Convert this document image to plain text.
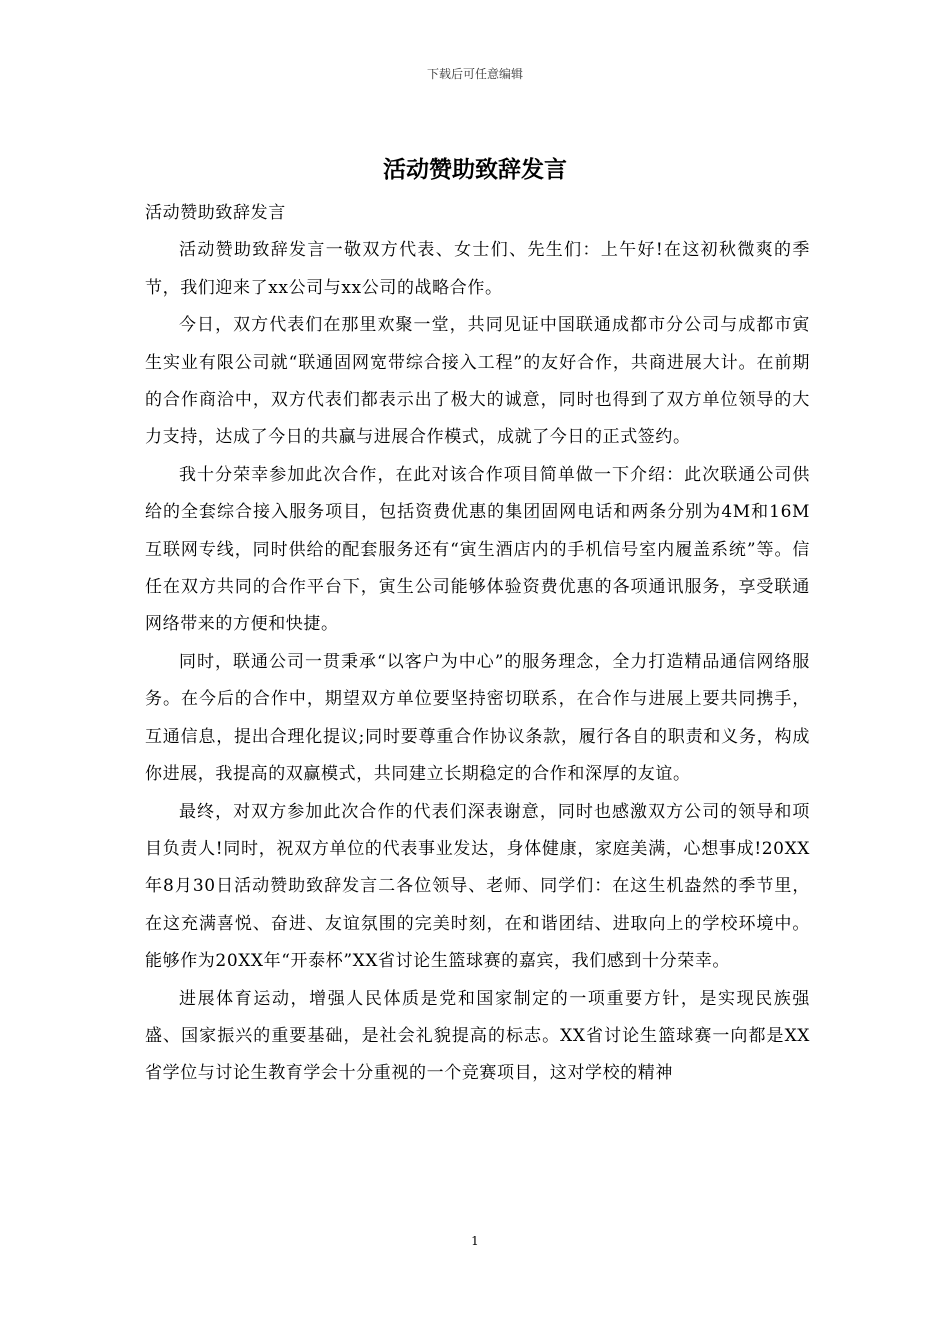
下载后可任意编辑
活动赞助致辞发言

活动赞助致辞发言

活动赞助致辞发言一敬双方代表、女士们、先生们：上午好!在这初秋微爽的季节，我们迎来了xx公司与xx公司的战略合作。

今日，双方代表们在那里欢聚一堂，共同见证中国联通成都市分公司与成都市寅生实业有限公司就“联通固网宽带综合接入工程”的友好合作，共商进展大计。在前期的合作商洽中，双方代表们都表示出了极大的诚意，同时也得到了双方单位领导的大力支持，达成了今日的共赢与进展合作模式，成就了今日的正式签约。

我十分荣幸参加此次合作，在此对该合作项目简单做一下介绍：此次联通公司供给的全套综合接入服务项目，包括资费优惠的集团固网电话和两条分别为4M和16M互联网专线，同时供给的配套服务还有“寅生酒店内的手机信号室内履盖系统”等。信任在双方共同的合作平台下，寅生公司能够体验资费优惠的各项通讯服务，享受联通网络带来的方便和快捷。

同时，联通公司一贯秉承“以客户为中心”的服务理念，全力打造精品通信网络服务。在今后的合作中，期望双方单位要坚持密切联系，在合作与进展上要共同携手，互通信息，提出合理化提议;同时要尊重合作协议条款，履行各自的职责和义务，构成你进展，我提高的双赢模式，共同建立长期稳定的合作和深厚的友谊。

最终，对双方参加此次合作的代表们深表谢意，同时也感激双方公司的领导和项目负责人!同时，祝双方单位的代表事业发达，身体健康，家庭美满，心想事成!20XX年8月30日活动赞助致辞发言二各位领导、老师、同学们：在这生机盎然的季节里，在这充满喜悦、奋进、友谊氛围的完美时刻，在和谐团结、进取向上的学校环境中。能够作为20XX年“开泰杯”XX省讨论生篮球赛的嘉宾，我们感到十分荣幸。

进展体育运动，增强人民体质是党和国家制定的一项重要方针，是实现民族强盛、国家振兴的重要基础，是社会礼貌提高的标志。XX省讨论生篮球赛一向都是XX省学位与讨论生教育学会十分重视的一个竞赛项目，这对学校的精神

1
